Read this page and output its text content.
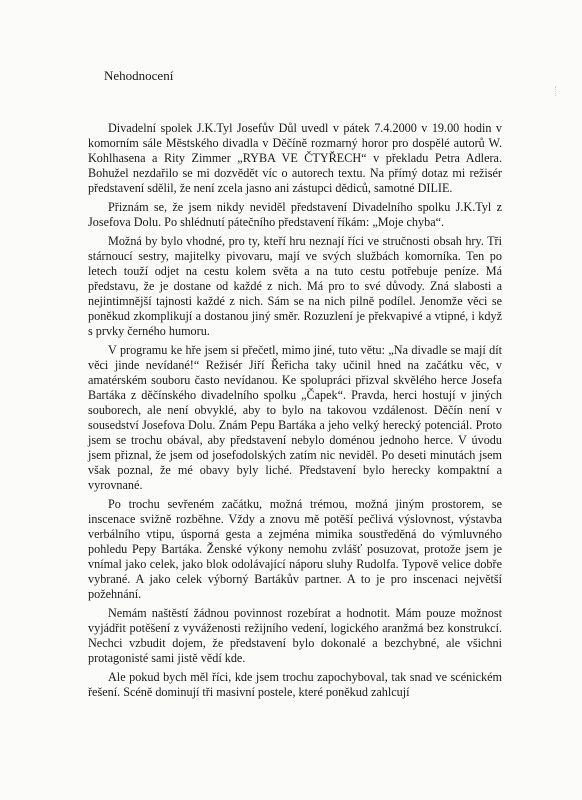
Nehodnocení

Divadelní spolek J.K.Tyl Josefův Důl uvedl v pátek 7.4.2000 v 19.00 hodin v komorním sále Městského divadla v Děčíně rozmarný horor pro dospělé autorů W. Kohlhasena a Rity Zimmer „RYBA VE ČTYŘECH“ v překladu Petra Adlera. Bohužel nezdařilo se mi dozvědět víc o autorech textu. Na přímý dotaz mi režisér představení sdělil, že není zcela jasno ani zástupci dědiců, samotné DILIE.

Přiznám se, že jsem nikdy neviděl představení Divadelního spolku J.K.Tyl z Josefova Dolu. Po shlédnutí pátečního představení říkám: „Moje chyba“.

Možná by bylo vhodné, pro ty, kteří hru neznají říci ve stručnosti obsah hry. Tři stárnoucí sestry, majitelky pivovaru, mají ve svých službách komorníka. Ten po letech touží odjet na cestu kolem světa a na tuto cestu potřebuje peníze. Má představu, že je dostane od každé z nich. Má pro to své důvody. Zná slabosti a nejintimnější tajnosti každé z nich. Sám se na nich pilně podílel. Jenomže věci se poněkud zkomplikují a dostanou jiný směr. Rozuzlení je překvapivé a vtipné, i když s prvky černého humoru.

V programu ke hře jsem si přečetl, mimo jiné, tuto větu: „Na divadle se mají dít věci jinde nevídané!“ Režisér Jiří Řeřicha taky učinil hned na začátku věc, v amatérském souboru často nevídanou. Ke spolupráci přizval skvělého herce Josefa Bartáka z děčínského divadelního spolku „Čapek“. Pravda, herci hostují v jiných souborech, ale není obvyklé, aby to bylo na takovou vzdálenost. Děčín není v sousedství Josefova Dolu. Znám Pepu Bartáka a jeho velký herecký potenciál. Proto jsem se trochu obával, aby představení nebylo doménou jednoho herce. V úvodu jsem přiznal, že jsem od josefodolských zatím nic neviděl. Po deseti minutách jsem však poznal, že mé obavy byly liché. Představení bylo herecky kompaktní a vyrovnané.

Po trochu sevřeném začátku, možná trémou, možná jiným prostorem, se inscenace svižně rozběhne. Vždy a znovu mě potěší pečlivá výslovnost, výstavba verbálního vtipu, úsporná gesta a zejména mimika soustředěná do výmluvného pohledu Pepy Bartáka. Ženské výkony nemohu zvlášť posuzovat, protože jsem je vnímal jako celek, jako blok odolávající náporu sluhy Rudolfa. Typově velice dobře vybrané. A jako celek výborný Bartákův partner. A to je pro inscenaci největší požehnání.

Nemám naštěstí žádnou povinnost rozebírat a hodnotit. Mám pouze možnost vyjádřit potěšení z vyváženosti režijního vedení, logického aranžmá bez konstrukcí. Nechci vzbudit dojem, že představení bylo dokonalé a bezchybné, ale všichni protagonisté sami jistě vědí kde.

Ale pokud bych měl říci, kde jsem trochu zapochyboval, tak snad ve scénickém řešení. Scéně dominují tři masivní postele, které poněkud zahlcují
